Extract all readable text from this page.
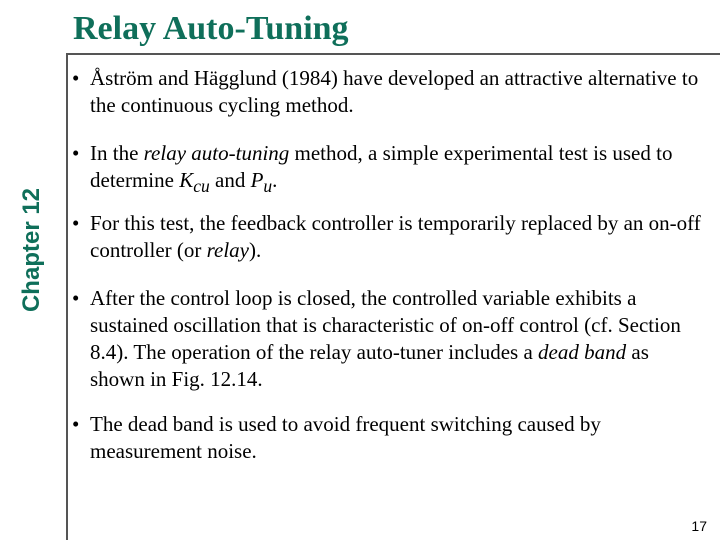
Relay Auto-Tuning
Chapter 12
• Åström and Hägglund (1984) have developed an attractive alternative to the continuous cycling method.
• In the relay auto-tuning method, a simple experimental test is used to determine $K_{cu}$ and $P_u$.
• For this test, the feedback controller is temporarily replaced by an on-off controller (or relay).
• After the control loop is closed, the controlled variable exhibits a sustained oscillation that is characteristic of on-off control (cf. Section 8.4). The operation of the relay auto-tuner includes a dead band as shown in Fig. 12.14.
• The dead band is used to avoid frequent switching caused by measurement noise.
17
